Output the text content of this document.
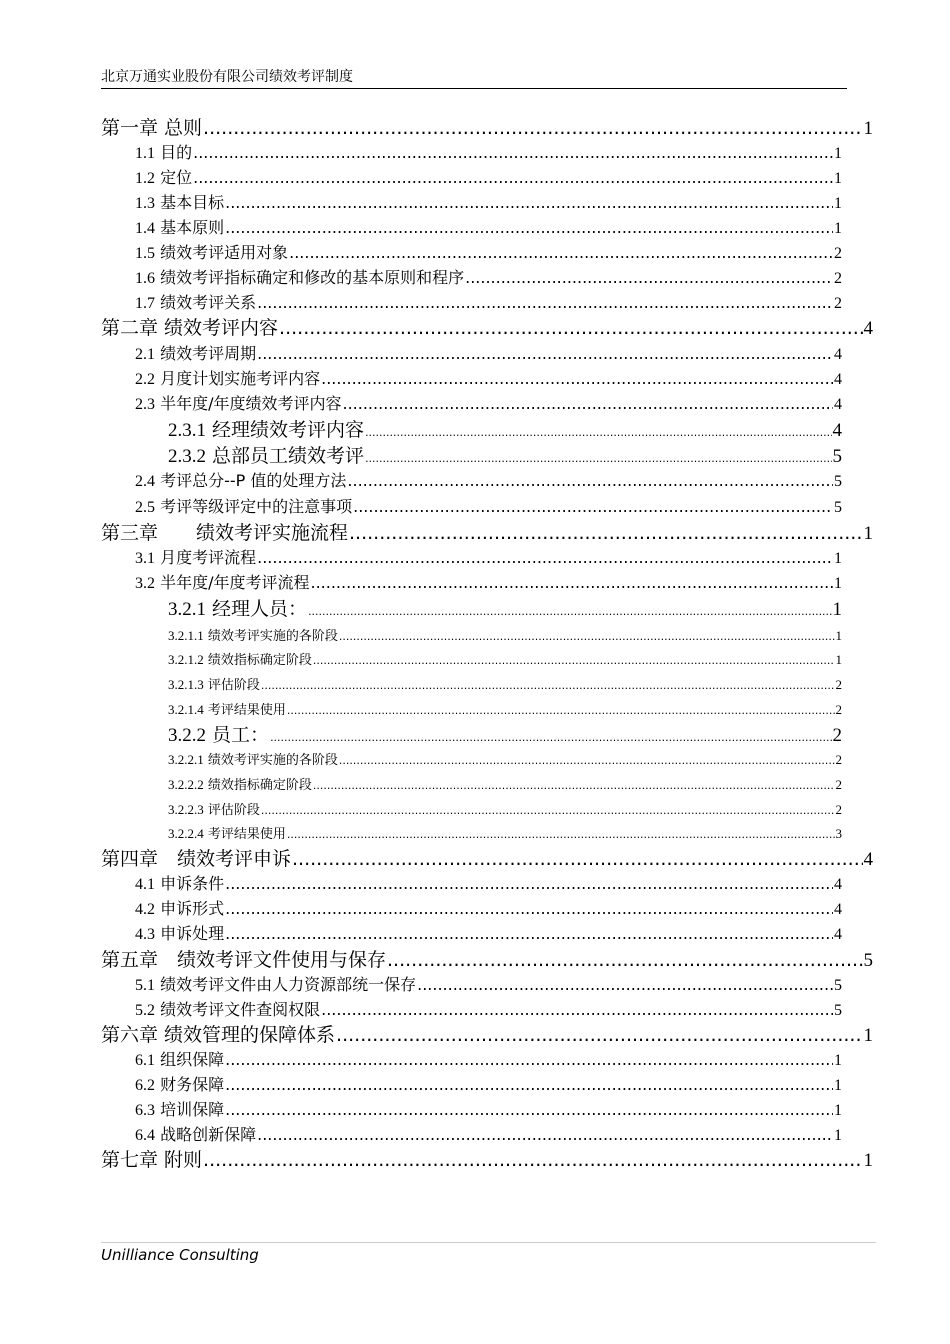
北京万通实业股份有限公司绩效考评制度
第一章 总则 .....	1
1.1 目的 .....	1
1.2 定位 .....	1
1.3 基本目标 .....	1
1.4 基本原则 .....	1
1.5 绩效考评适用对象 .....	2
1.6 绩效考评指标确定和修改的基本原则和程序 .....	2
1.7 绩效考评关系 .....	2
第二章 绩效考评内容 .....	4
2.1 绩效考评周期 .....	4
2.2 月度计划实施考评内容 .....	4
2.3 半年度/年度绩效考评内容 .....	4
2.3.1 经理绩效考评内容 .....	4
2.3.2 总部员工绩效考评 .....	5
2.4 考评总分--P 值的处理方法 .....	5
2.5 考评等级评定中的注意事项 .....	5
第三章　　绩效考评实施流程 .....	1
3.1 月度考评流程 .....	1
3.2 半年度/年度考评流程 .....	1
3.2.1 经理人员： .....	1
3.2.1.1 绩效考评实施的各阶段 .....	1
3.2.1.2 绩效指标确定阶段 .....	1
3.2.1.3 评估阶段 .....	2
3.2.1.4 考评结果使用 .....	2
3.2.2 员工： .....	2
3.2.2.1 绩效考评实施的各阶段 .....	2
3.2.2.2 绩效指标确定阶段 .....	2
3.2.2.3 评估阶段 .....	2
3.2.2.4 考评结果使用 .....	3
第四章　绩效考评申诉 .....	4
4.1 申诉条件 .....	4
4.2 申诉形式 .....	4
4.3 申诉处理 .....	4
第五章　绩效考评文件使用与保存 .....	5
5.1 绩效考评文件由人力资源部统一保存 .....	5
5.2 绩效考评文件查阅权限 .....	5
第六章 绩效管理的保障体系 .....	1
6.1 组织保障 .....	1
6.2 财务保障 .....	1
6.3 培训保障 .....	1
6.4 战略创新保障 .....	1
第七章 附则 .....	1
Unilliance Consulting
